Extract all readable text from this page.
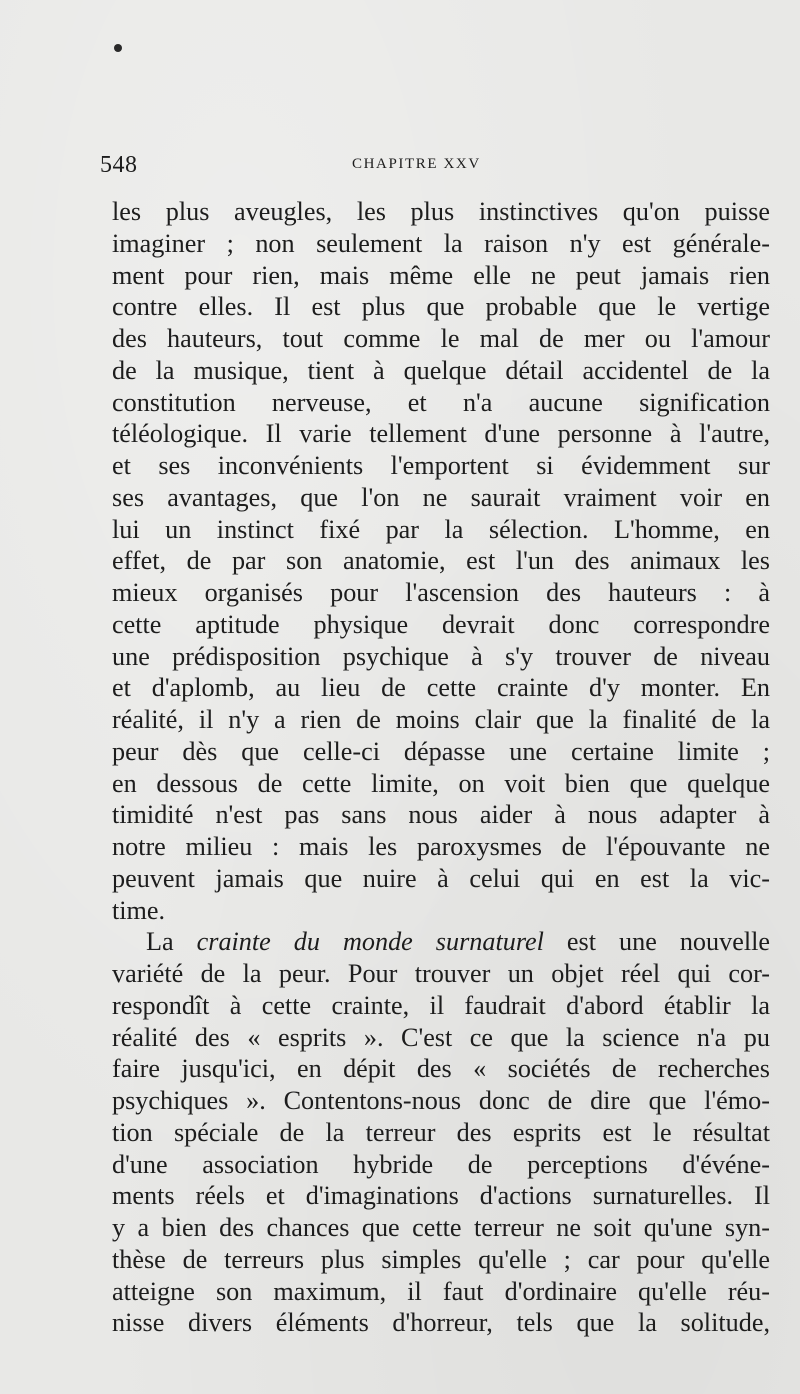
548	CHAPITRE XXV
les plus aveugles, les plus instinctives qu'on puisse
imaginer ; non seulement la raison n'y est générale-
ment pour rien, mais même elle ne peut jamais rien
contre elles. Il est plus que probable que le vertige
des hauteurs, tout comme le mal de mer ou l'amour
de la musique, tient à quelque détail accidentel de la
constitution nerveuse, et n'a aucune signification
téléologique. Il varie tellement d'une personne à l'autre,
et ses inconvénients l'emportent si évidemment sur
ses avantages, que l'on ne saurait vraiment voir en
lui un instinct fixé par la sélection. L'homme, en
effet, de par son anatomie, est l'un des animaux les
mieux organisés pour l'ascension des hauteurs : à
cette aptitude physique devrait donc correspondre
une prédisposition psychique à s'y trouver de niveau
et d'aplomb, au lieu de cette crainte d'y monter. En
réalité, il n'y a rien de moins clair que la finalité de la
peur dès que celle-ci dépasse une certaine limite ;
en dessous de cette limite, on voit bien que quelque
timidité n'est pas sans nous aider à nous adapter à
notre milieu : mais les paroxysmes de l'épouvante ne
peuvent jamais que nuire à celui qui en est la vic-
time.
La crainte du monde surnaturel est une nouvelle
variété de la peur. Pour trouver un objet réel qui cor-
respondît à cette crainte, il faudrait d'abord établir la
réalité des « esprits ». C'est ce que la science n'a pu
faire jusqu'ici, en dépit des « sociétés de recherches
psychiques ». Contentons-nous donc de dire que l'émo-
tion spéciale de la terreur des esprits est le résultat
d'une association hybride de perceptions d'événe-
ments réels et d'imaginations d'actions surnaturelles. Il
y a bien des chances que cette terreur ne soit qu'une syn-
thèse de terreurs plus simples qu'elle ; car pour qu'elle
atteigne son maximum, il faut d'ordinaire qu'elle réu-
nisse divers éléments d'horreur, tels que la solitude,
